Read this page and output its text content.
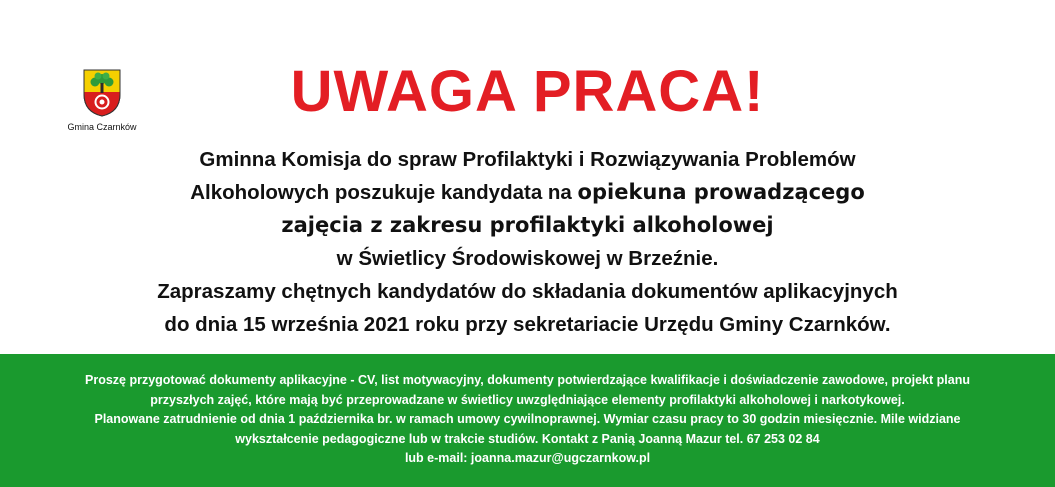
Gmina Czarnków
UWAGA PRACA!
Gminna Komisja do spraw Profilaktyki i Rozwiązywania Problemów
Alkoholowych poszukuje kandydata na opiekuna prowadzącego
zajęcia z zakresu profilaktyki alkoholowej
w Świetlicy Środowiskowej w Brzeźnie.
Zapraszamy chętnych kandydatów do składania dokumentów aplikacyjnych
do dnia 15 września 2021 roku przy sekretariacie Urzędu Gminy Czarnków.
Proszę przygotować dokumenty aplikacyjne - CV, list motywacyjny, dokumenty potwierdzające kwalifikacje i doświadczenie zawodowe, projekt planu
przyszłych zajęć, które mają być przeprowadzane w świetlicy uwzględniające elementy profilaktyki alkoholowej i narkotykowej.
Planowane zatrudnienie od dnia 1 października br. w ramach umowy cywilnoprawnej. Wymiar czasu pracy to 30 godzin miesięcznie. Mile widziane
wykształcenie pedagogiczne lub w trakcie studiów. Kontakt z Panią Joanną Mazur tel. 67 253 02 84
lub e-mail: joanna.mazur@ugczarnkow.pl
